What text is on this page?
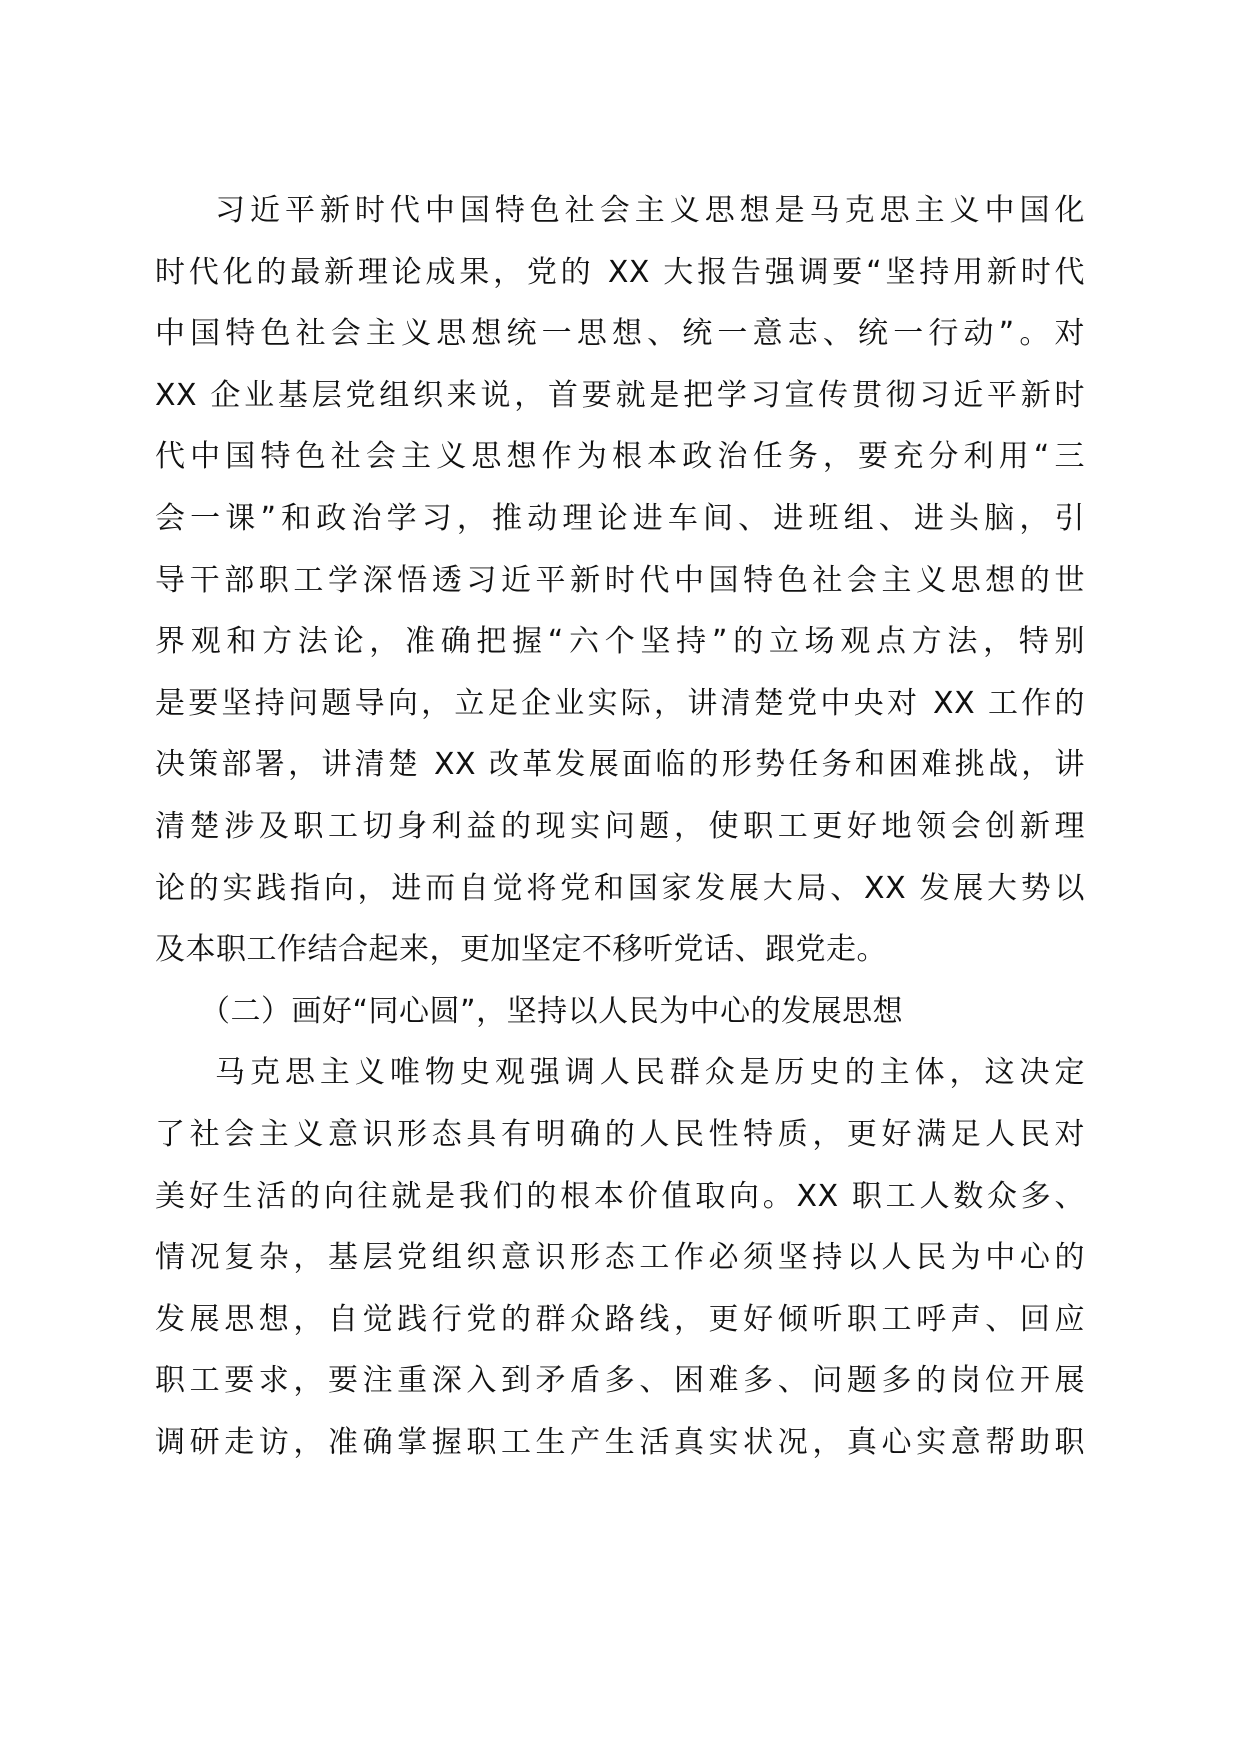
习近平新时代中国特色社会主义思想是马克思主义中国化
时代化的最新理论成果，党的 XX 大报告强调要“坚持用新时代
中国特色社会主义思想统一思想、统一意志、统一行动”。对
XX 企业基层党组织来说，首要就是把学习宣传贯彻习近平新时
代中国特色社会主义思想作为根本政治任务，要充分利用“三
会一课”和政治学习，推动理论进车间、进班组、进头脑，引
导干部职工学深悟透习近平新时代中国特色社会主义思想的世
界观和方法论，准确把握“六个坚持”的立场观点方法，特别
是要坚持问题导向，立足企业实际，讲清楚党中央对 XX 工作的
决策部署，讲清楚 XX 改革发展面临的形势任务和困难挑战，讲
清楚涉及职工切身利益的现实问题，使职工更好地领会创新理
论的实践指向，进而自觉将党和国家发展大局、XX 发展大势以
及本职工作结合起来，更加坚定不移听党话、跟党走。
（二）画好“同心圆”，坚持以人民为中心的发展思想
马克思主义唯物史观强调人民群众是历史的主体，这决定
了社会主义意识形态具有明确的人民性特质，更好满足人民对
美好生活的向往就是我们的根本价值取向。XX 职工人数众多、
情况复杂，基层党组织意识形态工作必须坚持以人民为中心的
发展思想，自觉践行党的群众路线，更好倾听职工呼声、回应
职工要求，要注重深入到矛盾多、困难多、问题多的岗位开展
调研走访，准确掌握职工生产生活真实状况，真心实意帮助职
